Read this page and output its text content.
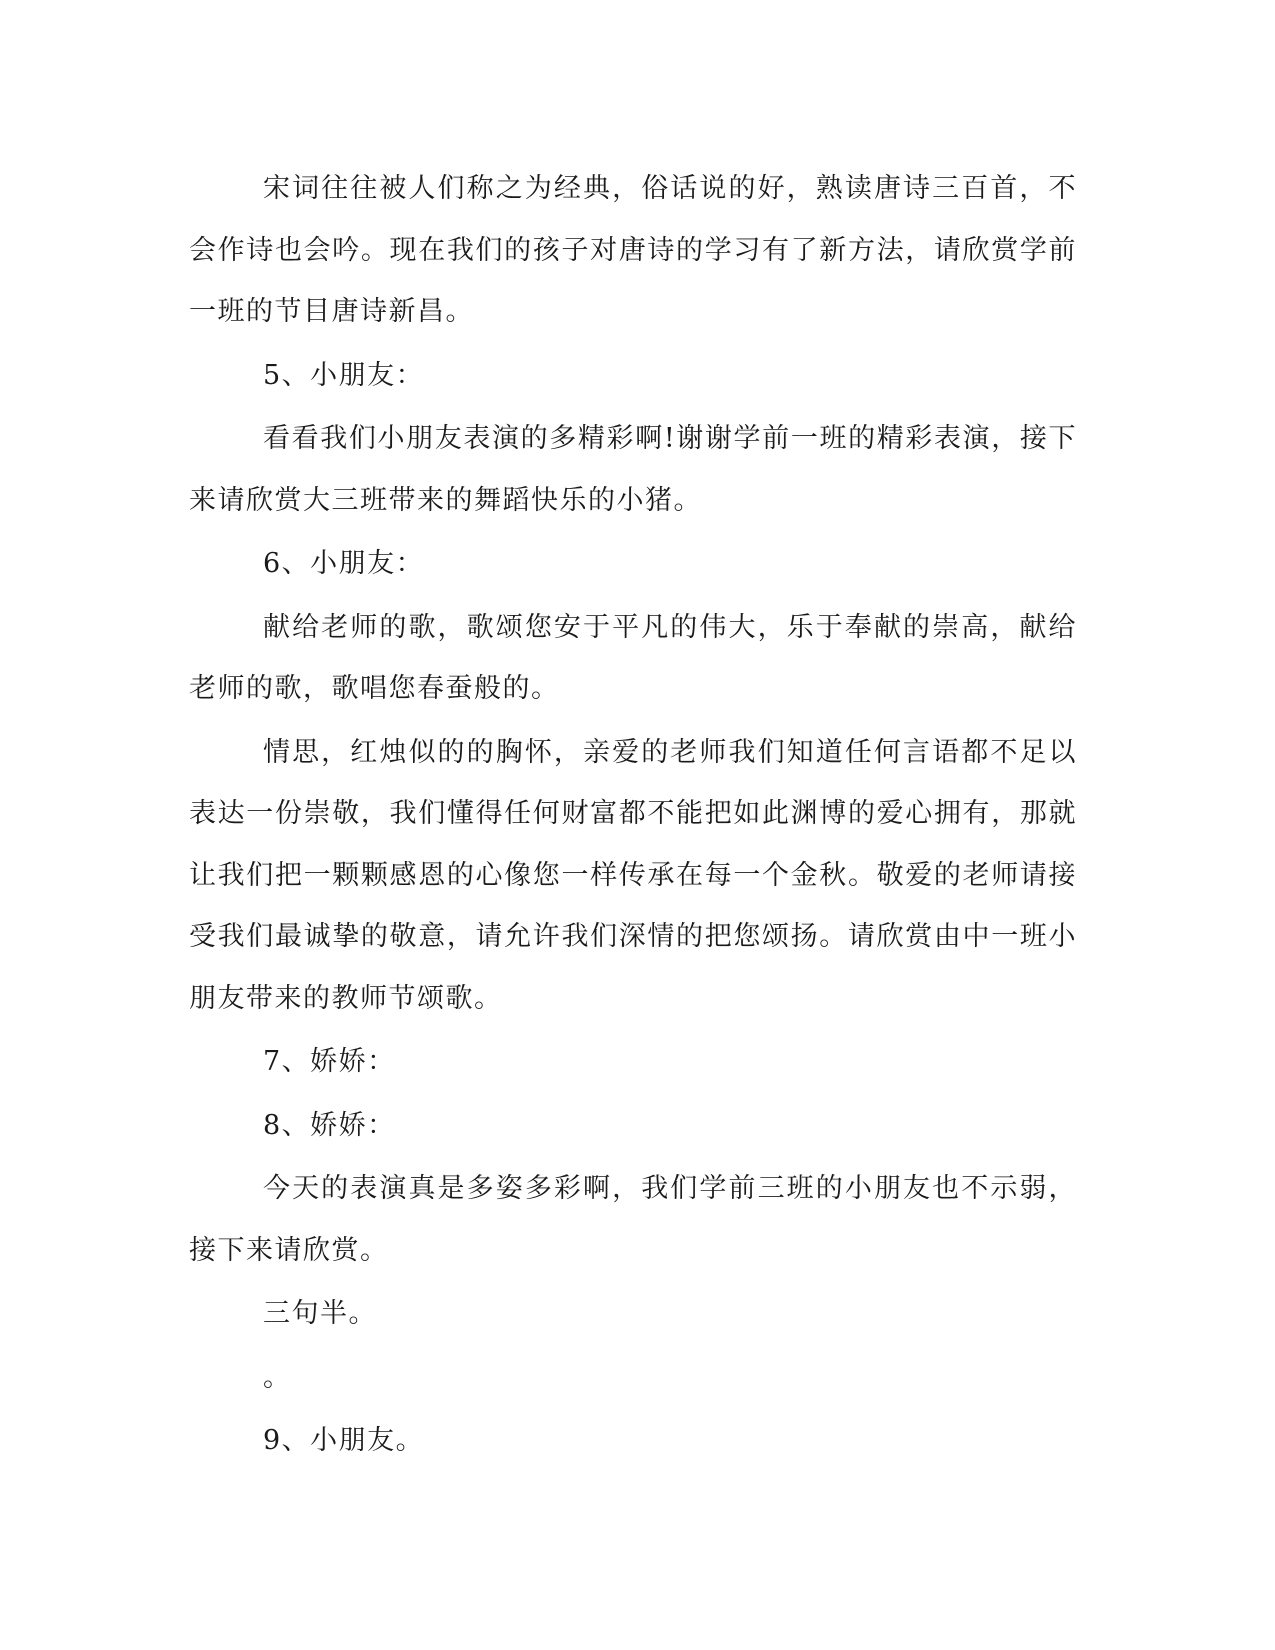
宋词往往被人们称之为经典，俗话说的好，熟读唐诗三百首，不会作诗也会吟。现在我们的孩子对唐诗的学习有了新方法，请欣赏学前一班的节目唐诗新昌。

5、小朋友：

看看我们小朋友表演的多精彩啊!谢谢学前一班的精彩表演，接下来请欣赏大三班带来的舞蹈快乐的小猪。

6、小朋友：

献给老师的歌，歌颂您安于平凡的伟大，乐于奉献的崇高，献给老师的歌，歌唱您春蚕般的。

情思，红烛似的的胸怀，亲爱的老师我们知道任何言语都不足以表达一份崇敬，我们懂得任何财富都不能把如此渊博的爱心拥有，那就让我们把一颗颗感恩的心像您一样传承在每一个金秋。敬爱的老师请接受我们最诚挚的敬意，请允许我们深情的把您颂扬。请欣赏由中一班小朋友带来的教师节颂歌。

7、娇娇：

8、娇娇：

今天的表演真是多姿多彩啊，我们学前三班的小朋友也不示弱，接下来请欣赏。

三句半。

。

9、小朋友。
